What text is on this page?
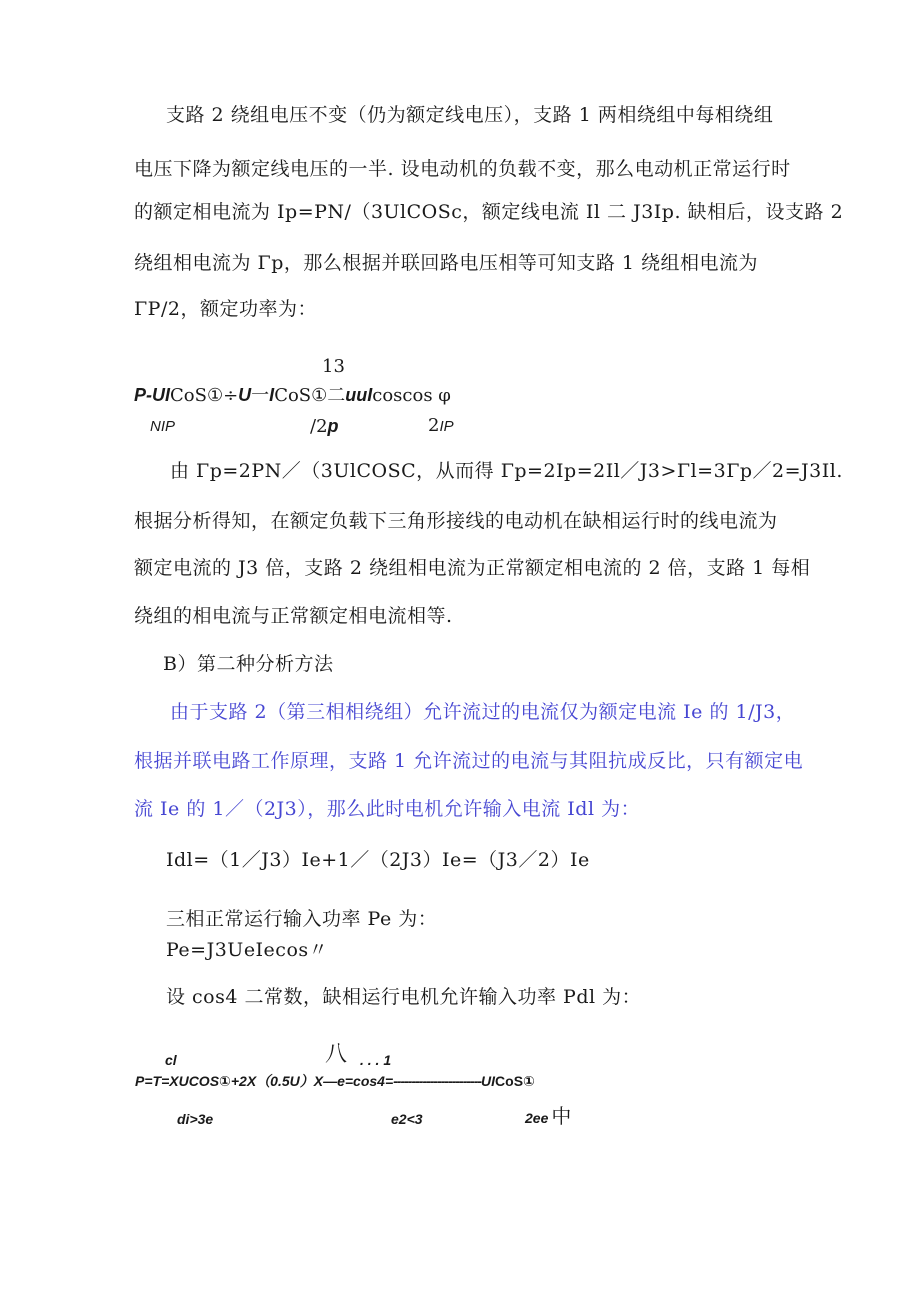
支路 2 绕组电压不变（仍为额定线电压），支路 1 两相绕组中每相绕组
电压下降为额定线电压的一半. 设电动机的负载不变，那么电动机正常运行时
的额定相电流为 Ip=PN/（3UlCOSc，额定线电流 Il 二 J3Ip. 缺相后，设支路 2
绕组相电流为 Γp，那么根据并联回路电压相等可知支路 1 绕组相电流为
ΓP/2，额定功率为：
13
P-UICoS①÷U一ICoS①二uuIcoscos φ
NIP	/2p	2IP
由 Γp=2PN／（3UlCOSC，从而得 Γp=2Ip=2Il／J3>Γl=3Γp／2=J3Il.
根据分析得知，在额定负载下三角形接线的电动机在缺相运行时的线电流为
额定电流的 J3 倍，支路 2 绕组相电流为正常额定相电流的 2 倍，支路 1 每相
绕组的相电流与正常额定相电流相等.
B）第二种分析方法
由于支路 2（第三相相绕组）允许流过的电流仅为额定电流 Ie 的 1/J3，
根据并联电路工作原理，支路 1 允许流过的电流与其阻抗成反比，只有额定电
流 Ie 的 1／（2J3），那么此时电机允许输入电流 Idl 为：
Idl=（1／J3）Ie+1／（2J3）Ie=（J3／2）Ie
三相正常运行输入功率 Pe 为：
Pe=J3UeIecos〃
设 cos4 二常数，缺相运行电机允许输入功率 Pdl 为：
cl	八 . . . 1
P=T=XUCOS①+2X（0.5U）X—e=cos4=------------------------UICoS①
di>3e	e2<3	2ee 中
